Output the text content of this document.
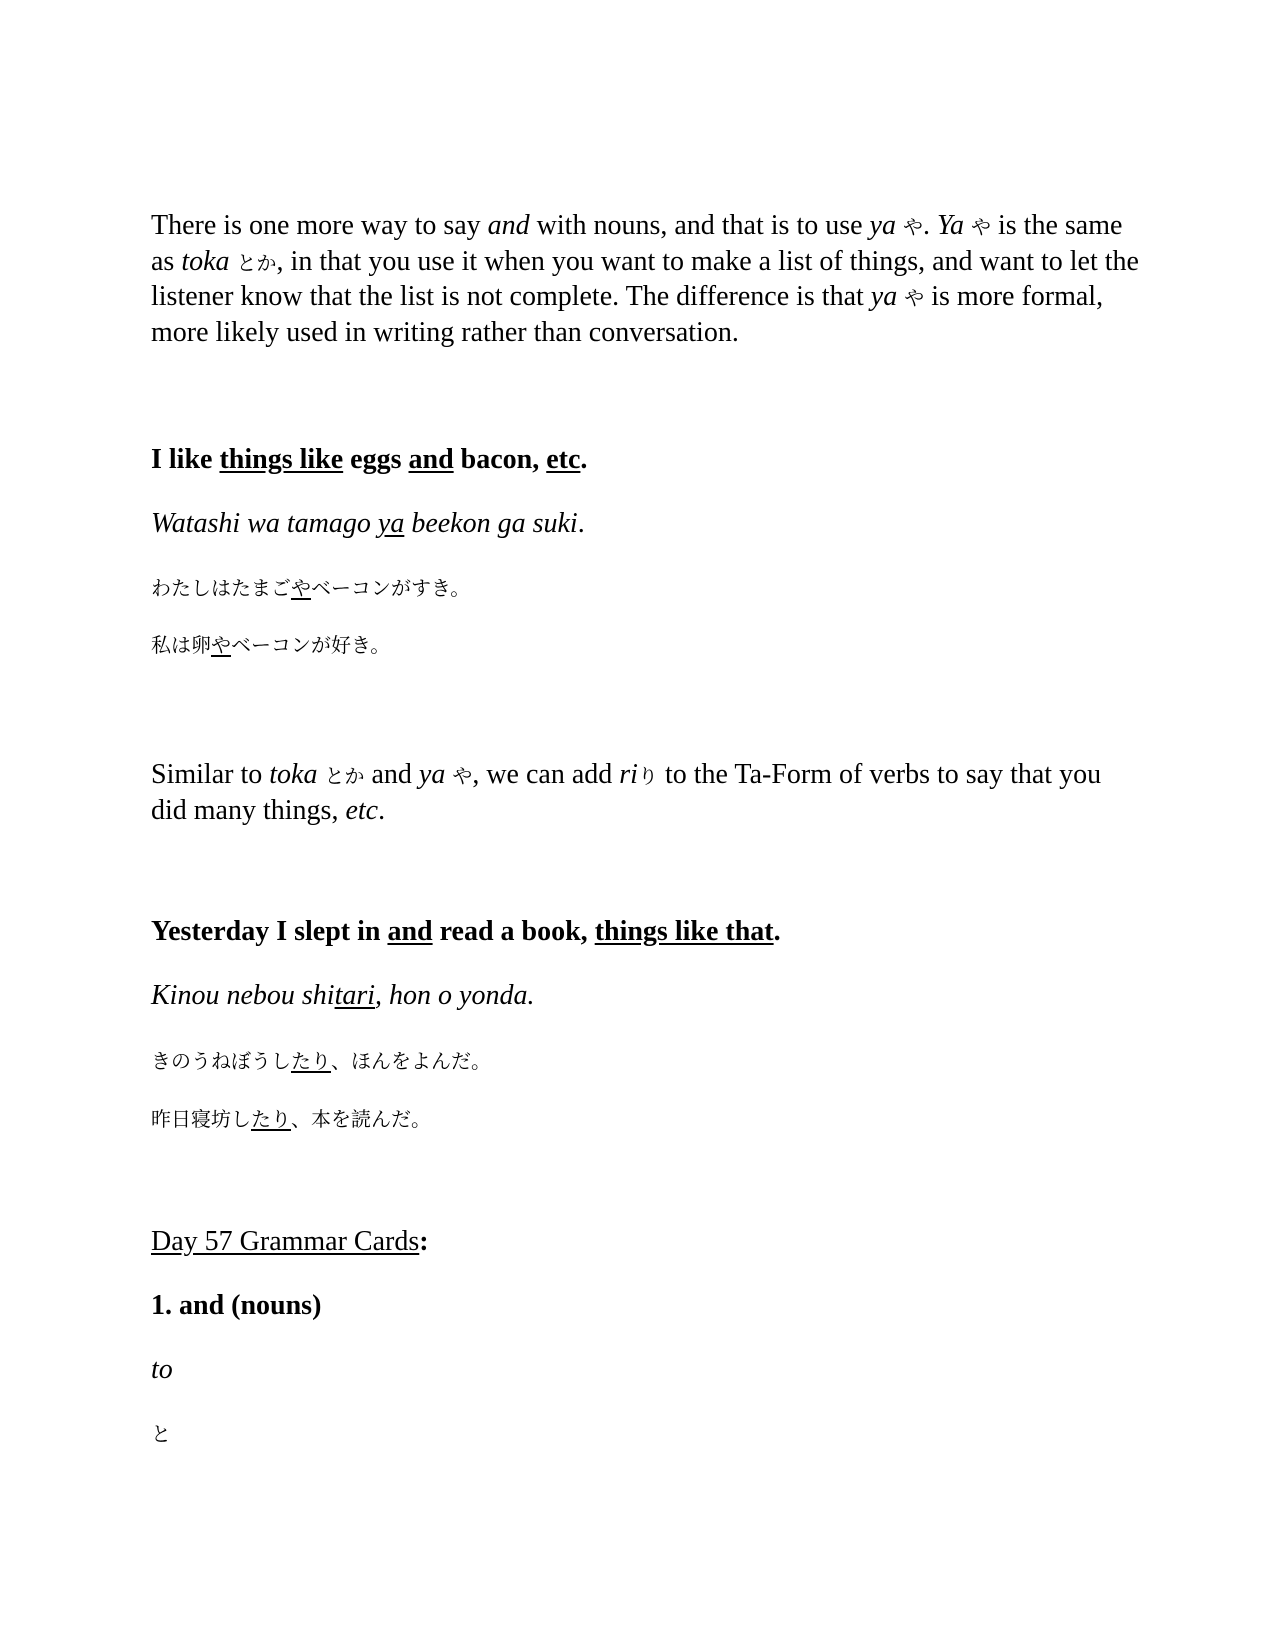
There is one more way to say and with nouns, and that is to use ya や. Ya や is the same as toka とか, in that you use it when you want to make a list of things, and want to let the listener know that the list is not complete. The difference is that ya や is more formal, more likely used in writing rather than conversation.

I like things like eggs and bacon, etc.

Watashi wa tamago ya beekon ga suki.

わたしはたまごやベーコンがすき。

私は卵やベーコンが好き。

Similar to toka とか and ya や, we can add riり to the Ta-Form of verbs to say that you did many things, etc.

Yesterday I slept in and read a book, things like that.

Kinou nebou shitari, hon o yonda.

きのうねぼうしたり、ほんをよんだ。

昨日寝坊したり、本を読んだ。

Day 57 Grammar Cards:

1. and (nouns)

to

と
